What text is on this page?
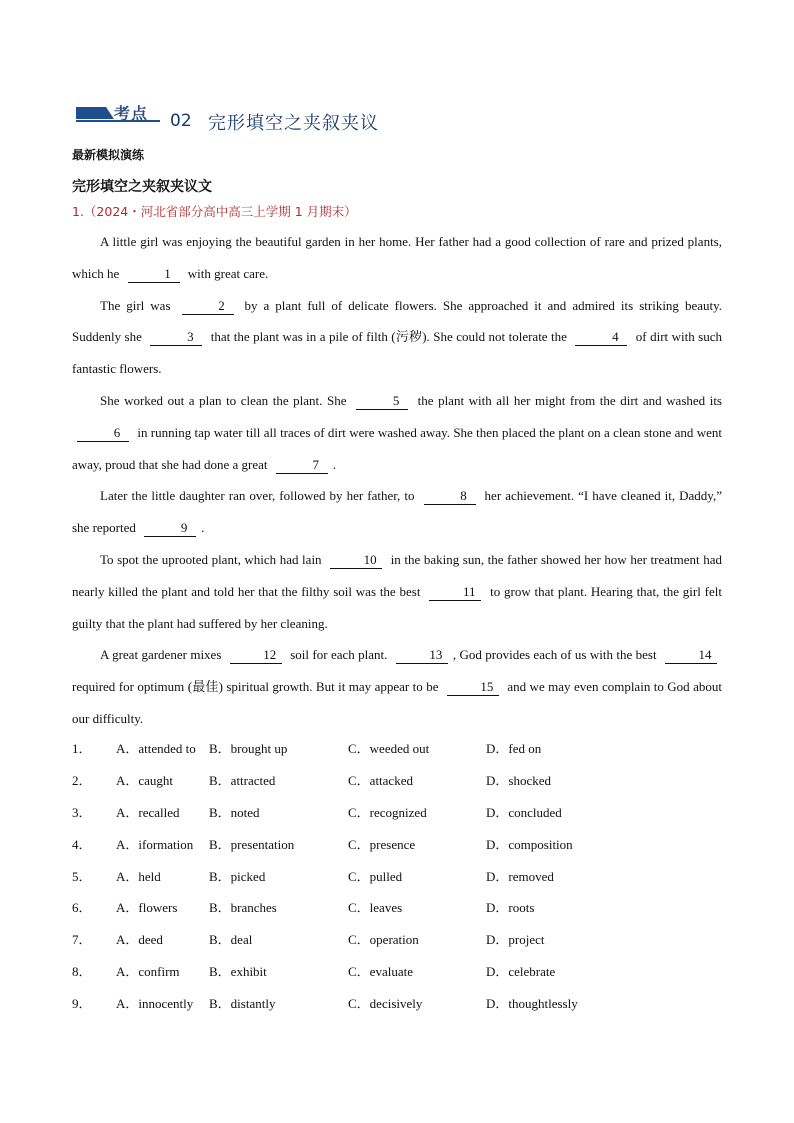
考点 02 完形填空之夹叙夹议
最新模拟演练
完形填空之夹叙夹议文
1.（2024・河北省部分高中高三上学期 1 月期末）

A little girl was enjoying the beautiful garden in her home. Her father had a good collection of rare and prized plants, which he	1 with great care.

The girl was	2 by a plant full of delicate flowers. She approached it and admired its striking beauty. Suddenly she	3 that the plant was in a pile of filth (污秽). She could not tolerate the	4 of dirt with such fantastic flowers.

She worked out a plan to clean the plant. She	5 the plant with all her might from the dirt and washed its 6 in running tap water till all traces of dirt were washed away. She then placed the plant on a clean stone and went away, proud that she had done a great	7 .

Later the little daughter ran over, followed by her father, to	8 her achievement. “I have cleaned it, Daddy,” she reported	9 .

To spot the uprooted plant, which had lain	10 in the baking sun, the father showed her how her treatment had nearly killed the plant and told her that the filthy soil was the best	11 to grow that plant. Hearing that, the girl felt guilty that the plant had suffered by her cleaning.

A great gardener mixes	12 soil for each plant.	13 , God provides each of us with the best	14 required for optimum (最佳) spiritual growth. But it may appear to be	15 and we may even complain to God about our difficulty.

1． A．attended to B．brought up	C．weeded out	D．fed on
2． A．caught	B．attracted	C．attacked	D．shocked
3． A．recalled B．noted	C．recognized	D．concluded
4． A．iformation B．presentation	C．presence	D．composition
5． A．held	B．picked	C．pulled	D．removed
6． A．flowers B．branches	C．leaves	D．roots
7． A．deed	B．deal	C．operation	D．project
8． A．confirm B．exhibit	C．evaluate	D．celebrate
9． A．innocently B．distantly	C．decisively	D．thoughtlessly
